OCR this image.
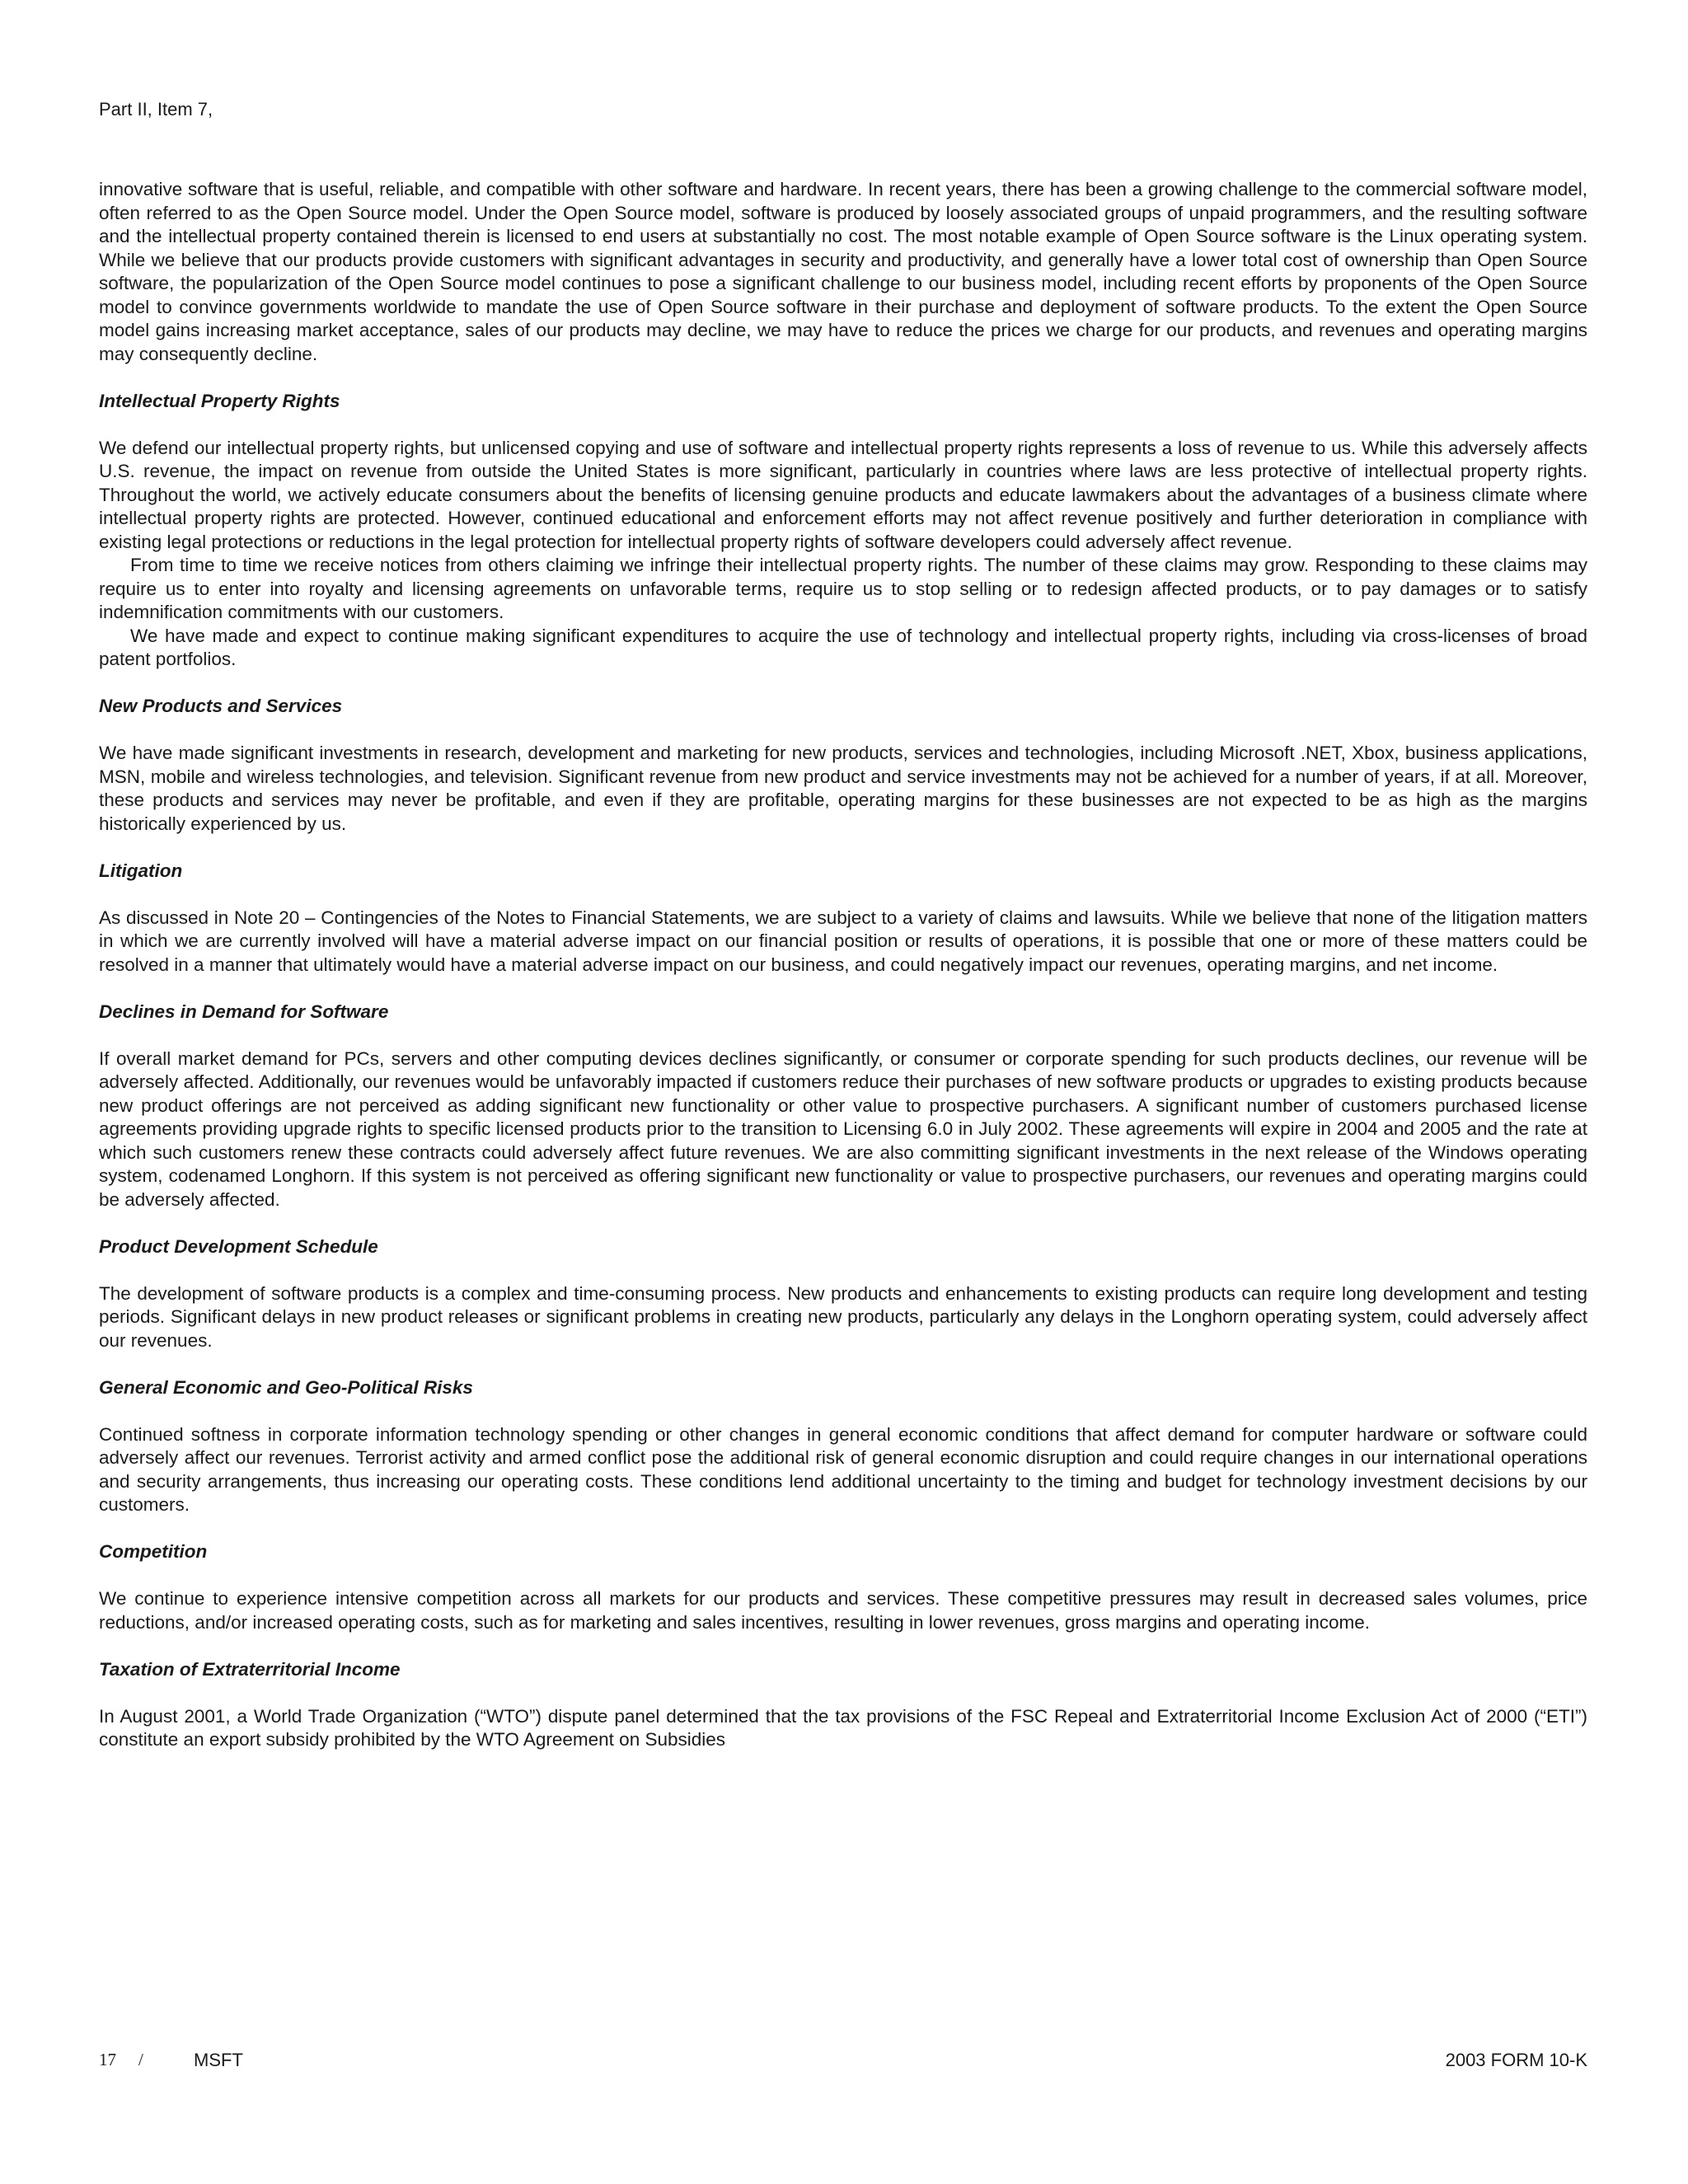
Part II, Item 7,

innovative software that is useful, reliable, and compatible with other software and hardware. In recent years, there has been a growing challenge to the commercial software model, often referred to as the Open Source model. Under the Open Source model, software is produced by loosely associated groups of unpaid programmers, and the resulting software and the intellectual property contained therein is licensed to end users at substantially no cost. The most notable example of Open Source software is the Linux operating system. While we believe that our products provide customers with significant advantages in security and productivity, and generally have a lower total cost of ownership than Open Source software, the popularization of the Open Source model continues to pose a significant challenge to our business model, including recent efforts by proponents of the Open Source model to convince governments worldwide to mandate the use of Open Source software in their purchase and deployment of software products. To the extent the Open Source model gains increasing market acceptance, sales of our products may decline, we may have to reduce the prices we charge for our products, and revenues and operating margins may consequently decline.

Intellectual Property Rights

We defend our intellectual property rights, but unlicensed copying and use of software and intellectual property rights represents a loss of revenue to us. While this adversely affects U.S. revenue, the impact on revenue from outside the United States is more significant, particularly in countries where laws are less protective of intellectual property rights. Throughout the world, we actively educate consumers about the benefits of licensing genuine products and educate lawmakers about the advantages of a business climate where intellectual property rights are protected. However, continued educational and enforcement efforts may not affect revenue positively and further deterioration in compliance with existing legal protections or reductions in the legal protection for intellectual property rights of software developers could adversely affect revenue.

From time to time we receive notices from others claiming we infringe their intellectual property rights. The number of these claims may grow. Responding to these claims may require us to enter into royalty and licensing agreements on unfavorable terms, require us to stop selling or to redesign affected products, or to pay damages or to satisfy indemnification commitments with our customers.

We have made and expect to continue making significant expenditures to acquire the use of technology and intellectual property rights, including via cross-licenses of broad patent portfolios.

New Products and Services

We have made significant investments in research, development and marketing for new products, services and technologies, including Microsoft .NET, Xbox, business applications, MSN, mobile and wireless technologies, and television. Significant revenue from new product and service investments may not be achieved for a number of years, if at all. Moreover, these products and services may never be profitable, and even if they are profitable, operating margins for these businesses are not expected to be as high as the margins historically experienced by us.

Litigation

As discussed in Note 20 – Contingencies of the Notes to Financial Statements, we are subject to a variety of claims and lawsuits. While we believe that none of the litigation matters in which we are currently involved will have a material adverse impact on our financial position or results of operations, it is possible that one or more of these matters could be resolved in a manner that ultimately would have a material adverse impact on our business, and could negatively impact our revenues, operating margins, and net income.

Declines in Demand for Software

If overall market demand for PCs, servers and other computing devices declines significantly, or consumer or corporate spending for such products declines, our revenue will be adversely affected. Additionally, our revenues would be unfavorably impacted if customers reduce their purchases of new software products or upgrades to existing products because new product offerings are not perceived as adding significant new functionality or other value to prospective purchasers. A significant number of customers purchased license agreements providing upgrade rights to specific licensed products prior to the transition to Licensing 6.0 in July 2002. These agreements will expire in 2004 and 2005 and the rate at which such customers renew these contracts could adversely affect future revenues. We are also committing significant investments in the next release of the Windows operating system, codenamed Longhorn. If this system is not perceived as offering significant new functionality or value to prospective purchasers, our revenues and operating margins could be adversely affected.

Product Development Schedule

The development of software products is a complex and time-consuming process. New products and enhancements to existing products can require long development and testing periods. Significant delays in new product releases or significant problems in creating new products, particularly any delays in the Longhorn operating system, could adversely affect our revenues.

General Economic and Geo-Political Risks

Continued softness in corporate information technology spending or other changes in general economic conditions that affect demand for computer hardware or software could adversely affect our revenues. Terrorist activity and armed conflict pose the additional risk of general economic disruption and could require changes in our international operations and security arrangements, thus increasing our operating costs. These conditions lend additional uncertainty to the timing and budget for technology investment decisions by our customers.

Competition

We continue to experience intensive competition across all markets for our products and services. These competitive pressures may result in decreased sales volumes, price reductions, and/or increased operating costs, such as for marketing and sales incentives, resulting in lower revenues, gross margins and operating income.

Taxation of Extraterritorial Income

In August 2001, a World Trade Organization (“WTO”) dispute panel determined that the tax provisions of the FSC Repeal and Extraterritorial Income Exclusion Act of 2000 (“ETI”) constitute an export subsidy prohibited by the WTO Agreement on Subsidies

17 /	MSFT	2003 FORM 10-K
